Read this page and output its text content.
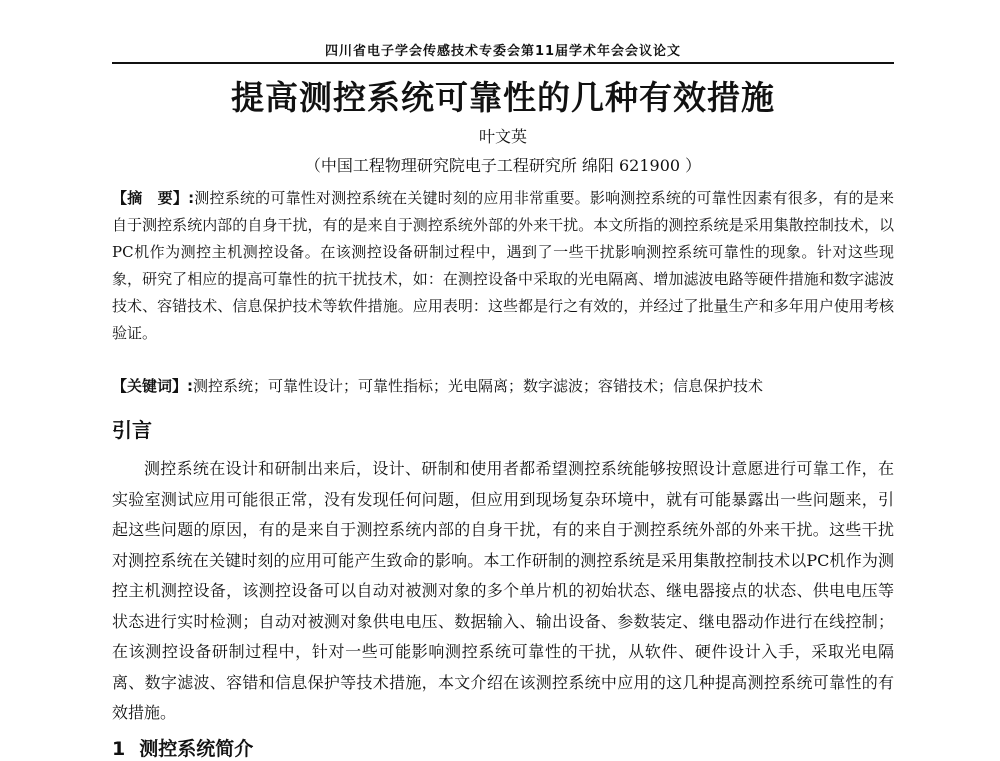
四川省电子学会传感技术专委会第11届学术年会会议论文
提高测控系统可靠性的几种有效措施
叶文英
（中国工程物理研究院电子工程研究所 绵阳 621900 ）
【摘　要】:测控系统的可靠性对测控系统在关键时刻的应用非常重要。影响测控系统的可靠性因素有很多，有的是来自于测控系统内部的自身干扰，有的是来自于测控系统外部的外来干扰。本文所指的测控系统是采用集散控制技术，以PC机作为测控主机测控设备。在该测控设备研制过程中，遇到了一些干扰影响测控系统可靠性的现象。针对这些现象，研究了相应的提高可靠性的抗干扰技术，如：在测控设备中采取的光电隔离、增加滤波电路等硬件措施和数字滤波技术、容错技术、信息保护技术等软件措施。应用表明：这些都是行之有效的，并经过了批量生产和多年用户使用考核验证。
【关键词】:测控系统；可靠性设计；可靠性指标；光电隔离；数字滤波；容错技术；信息保护技术
引言
测控系统在设计和研制出来后，设计、研制和使用者都希望测控系统能够按照设计意愿进行可靠工作，在实验室测试应用可能很正常，没有发现任何问题，但应用到现场复杂环境中，就有可能暴露出一些问题来，引起这些问题的原因，有的是来自于测控系统内部的自身干扰，有的来自于测控系统外部的外来干扰。这些干扰对测控系统在关键时刻的应用可能产生致命的影响。本工作研制的测控系统是采用集散控制技术以PC机作为测控主机测控设备，该测控设备可以自动对被测对象的多个单片机的初始状态、继电器接点的状态、供电电压等状态进行实时检测；自动对被测对象供电电压、数据输入、输出设备、参数装定、继电器动作进行在线控制；在该测控设备研制过程中，针对一些可能影响测控系统可靠性的干扰，从软件、硬件设计入手，采取光电隔离、数字滤波、容错和信息保护等技术措施，本文介绍在该测控系统中应用的这几种提高测控系统可靠性的有效措施。
1 测控系统简介
